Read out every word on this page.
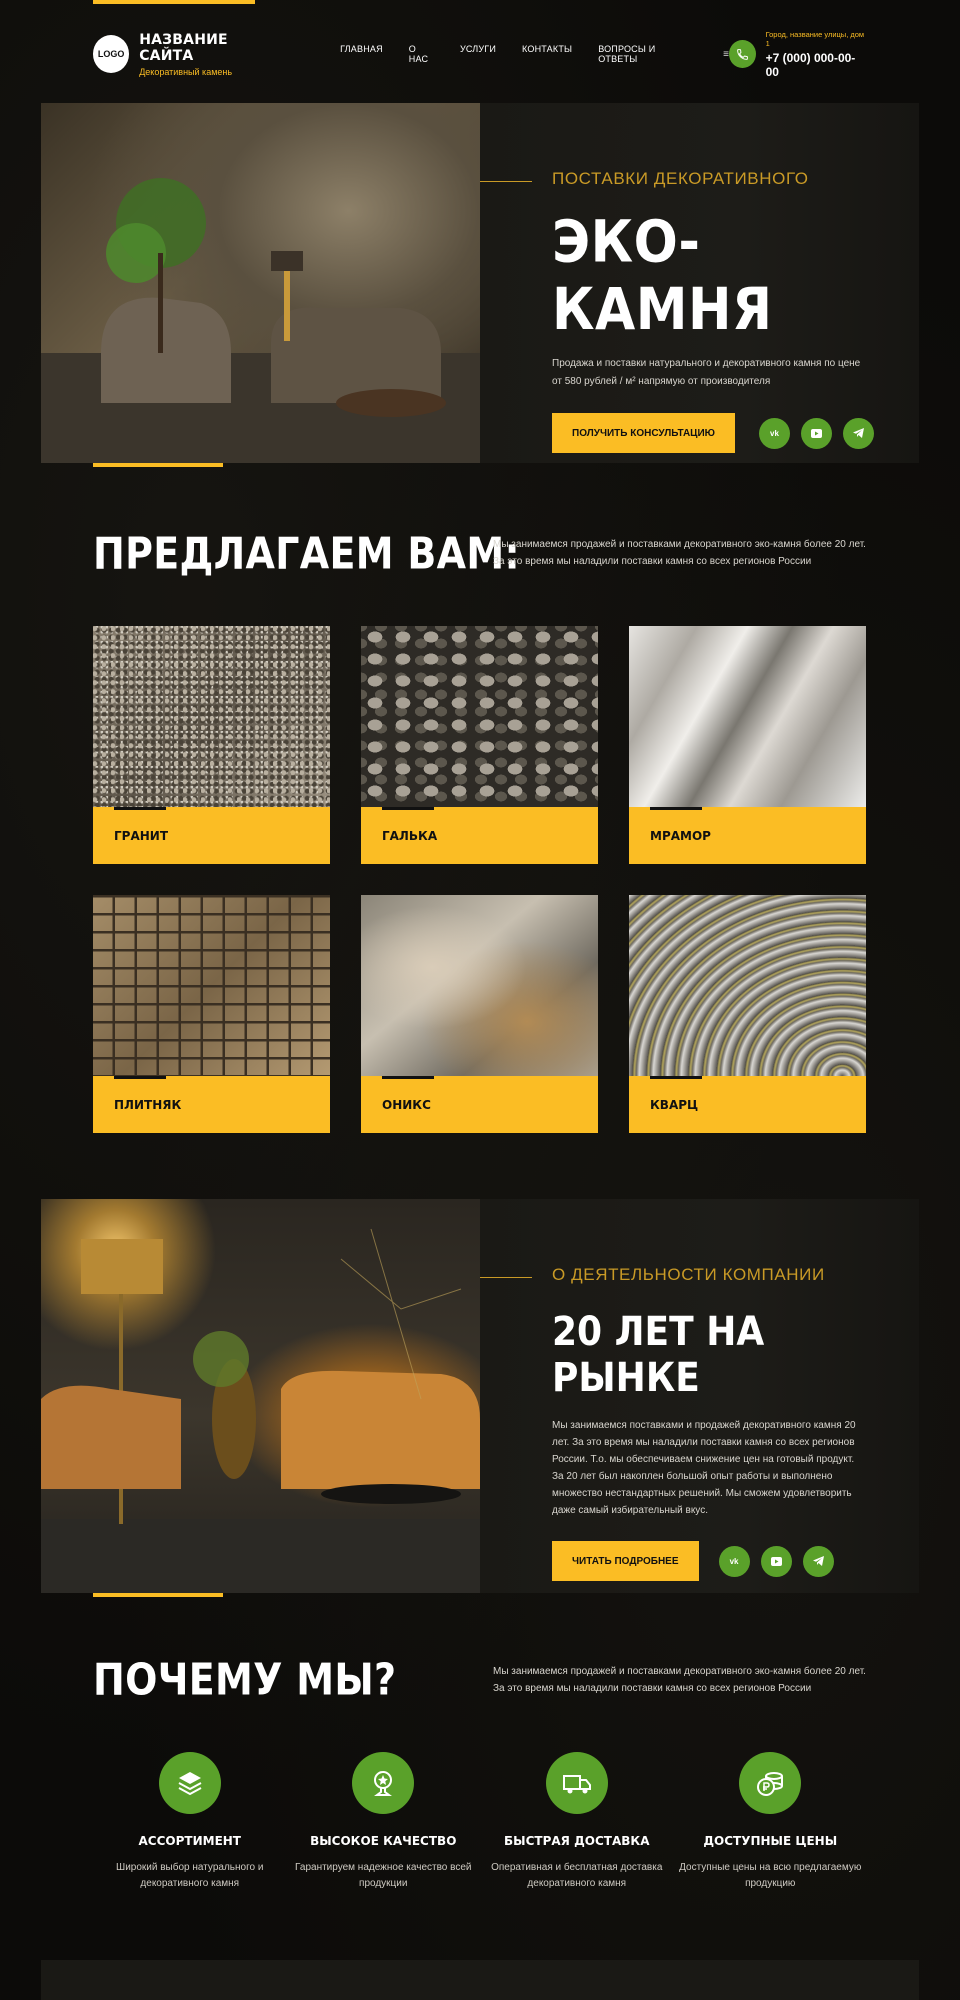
LOGO
НАЗВАНИЕ САЙТА
Декоративный камень
ГЛАВНАЯ	О НАС
УСЛУГИ	КОНТАКТЫ	ВОПРОСЫ И ОТВЕТЫ	≡
Город, название улицы, дом 1
+7 (000) 000-00-00
ПОСТАВКИ ДЕКОРАТИВНОГО
ЭКО-КАМНЯ
Продажа и поставки натурального и декоративного камня по цене от 580 рублей / м² напрямую от производителя
ПОЛУЧИТЬ КОНСУЛЬТАЦИЮ	vk
ПРЕДЛАГАЕМ ВАМ:
Мы занимаемся продажей и поставками декоративного эко-камня более 20 лет. За это время мы наладили поставки камня со всех регионов России
ГРАНИТ	ГАЛЬКА	МРАМОР
ПЛИТНЯК	ОНИКС	КВАРЦ
О ДЕЯТЕЛЬНОСТИ КОМПАНИИ
20 ЛЕТ НА РЫНКЕ
Мы занимаемся поставками и продажей декоративного камня 20 лет. За это время мы наладили поставки камня со всех регионов России. Т.о. мы обеспечиваем снижение цен на готовый продукт. За 20 лет был накоплен большой опыт работы и выполнено множество нестандартных решений. Мы сможем удовлетворить даже самый избирательный вкус.
ЧИТАТЬ ПОДРОБНЕЕ	vk
ПОЧЕМУ МЫ?	Мы занимаемся продажей и поставками декоративного эко-камня более 20 лет. За это время мы наладили поставки камня со всех регионов России
АССОРТИМЕНТ
Широкий выбор натурального и декоративного камня
ВЫСОКОЕ КАЧЕСТВО
Гарантируем надежное качество всей продукции
БЫСТРАЯ ДОСТАВКА
Оперативная и бесплатная доставка декоративного камня
ДОСТУПНЫЕ ЦЕНЫ
Доступные цены на всю предлагаемую продукцию
